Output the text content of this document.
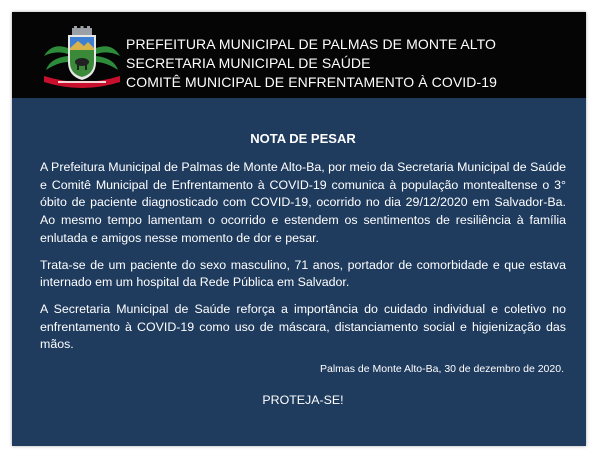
PREFEITURA MUNICIPAL DE PALMAS DE MONTE ALTO
SECRETARIA MUNICIPAL DE SAÚDE
COMITÊ MUNICIPAL DE ENFRENTAMENTO À COVID-19
NOTA DE PESAR

A Prefeitura Municipal de Palmas de Monte Alto-Ba, por meio da Secretaria Municipal de Saúde e Comitê Municipal de Enfrentamento à COVID-19 comunica à população montealtense o 3° óbito de paciente diagnosticado com COVID-19, ocorrido no dia 29/12/2020 em Salvador-Ba. Ao mesmo tempo lamentam o ocorrido e estendem os sentimentos de resiliência à família enlutada e amigos nesse momento de dor e pesar.

Trata-se de um paciente do sexo masculino, 71 anos, portador de comorbidade e que estava internado em um hospital da Rede Pública em Salvador.

A Secretaria Municipal de Saúde reforça a importância do cuidado individual e coletivo no enfrentamento à COVID-19 como uso de máscara, distanciamento social e higienização das mãos.

Palmas de Monte Alto-Ba, 30 de dezembro de 2020.
PROTEJA-SE!
